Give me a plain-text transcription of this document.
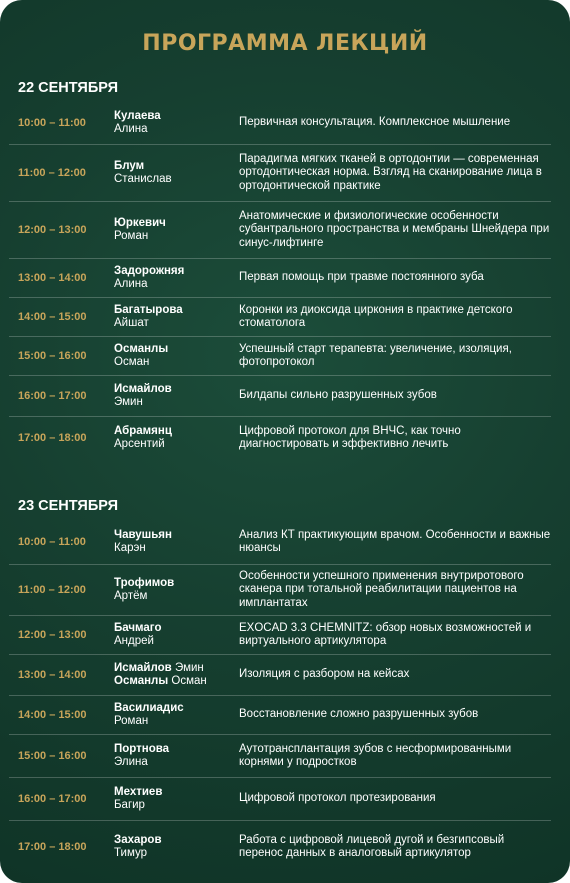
ПРОГРАММА ЛЕКЦИЙ
22 СЕНТЯБРЯ
10:00 – 11:00
Кулаева
Алина
Первичная консультация. Комплексное мышление
11:00 – 12:00
Блум
Станислав
Парадигма мягких тканей в ортодонтии — современная ортодонтическая норма. Взгляд на сканирование лица в ортодонтической практике
12:00 – 13:00
Юркевич
Роман
Анатомические и физиологические особенности субантрального пространства и мембраны Шнейдера при синус-лифтинге
13:00 – 14:00
Задорожняя
Алина
Первая помощь при травме постоянного зуба
14:00 – 15:00
Багатырова
Айшат
Коронки из диоксида циркония в практике детского стоматолога
15:00 – 16:00
Османлы
Осман
Успешный старт терапевта: увеличение, изоляция, фотопротокол
16:00 – 17:00
Исмайлов
Эмин
Билдапы сильно разрушенных зубов
17:00 – 18:00
Абрамянц
Арсентий
Цифровой протокол для ВНЧС, как точно диагностировать и эффективно лечить
23 СЕНТЯБРЯ
10:00 – 11:00
Чавушьян
Карэн
Анализ КТ практикующим врачом. Особенности и важные нюансы
11:00 – 12:00
Трофимов
Артём
Особенности успешного применения внутриротового сканера при тотальной реабилитации пациентов на имплантатах
12:00 – 13:00
Бачмаго
Андрей
EXOCAD 3.3 CHEMNITZ: обзор новых возможностей и виртуального артикулятора
13:00 – 14:00
Исмайлов Эмин
Османлы Осман
Изоляция с разбором на кейсах
14:00 – 15:00
Василиадис
Роман
Восстановление сложно разрушенных зубов
15:00 – 16:00
Портнова
Элина
Аутотрансплантация зубов с несформированными корнями у подростков
16:00 – 17:00
Мехтиев
Багир
Цифровой протокол протезирования
17:00 – 18:00
Захаров
Тимур
Работа с цифровой лицевой дугой и безгипсовый перенос данных в аналоговый артикулятор
